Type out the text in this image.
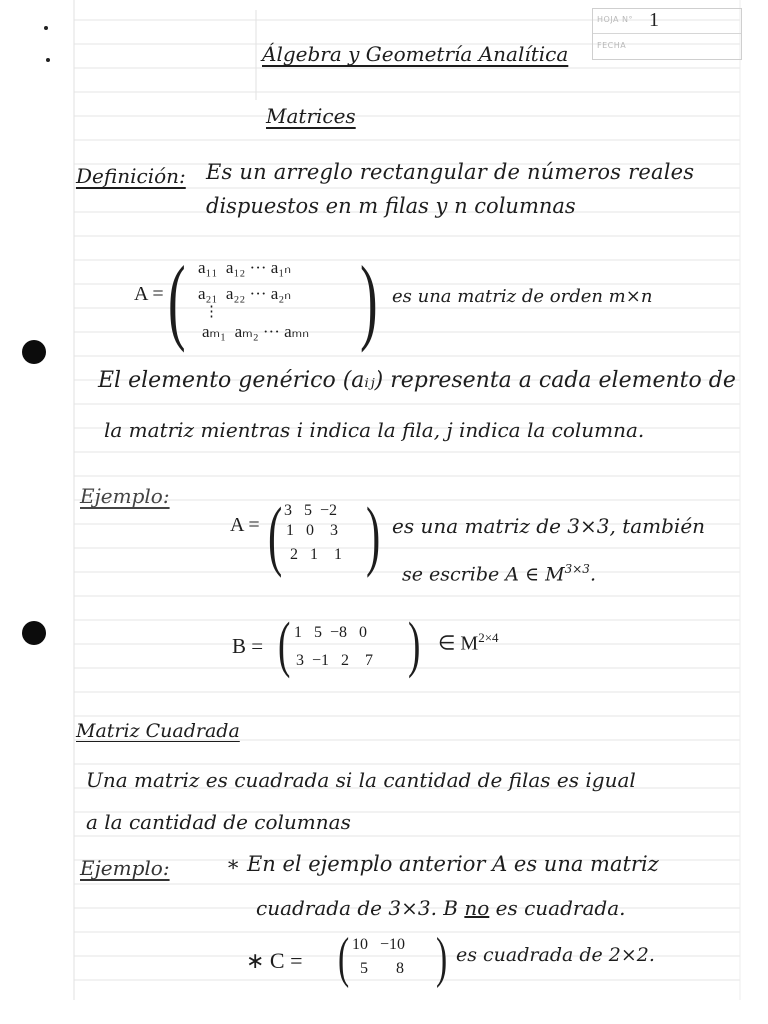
HOJA N° 1
FECHA
Álgebra y Geometría Analítica
Matrices
Definición: Es un arreglo rectangular de números reales
dispuestos en m filas y n columnas
A = ( a₁₁  a₁₂ ··· a₁ₙ
a₂₁  a₂₂ ··· a₂ₙ
⋮
aₘ₁  aₘ₂ ··· aₘₙ ) es una matriz de orden m×n
El elemento genérico (aᵢⱼ) representa a cada elemento de
la matriz mientras i indica la fila, j indica la columna.
Ejemplo:
A = ( 3   5  −2
1   0    3
2   1    1 ) es una matriz de 3×3, también
se escribe A ∈ $M^{3\times 3}$.
B = ( 1   5  −8   0
3  −1   2    7 ) ∈ $M^{2\times 4}$
Matriz Cuadrada
Una matriz es cuadrada si la cantidad de filas es igual
a la cantidad de columnas
Ejemplo:	∗ En el ejemplo anterior A es una matriz
cuadrada de 3×3. B no es cuadrada.
∗ C = ( 10   −10
5       8 ) es cuadrada de 2×2.
